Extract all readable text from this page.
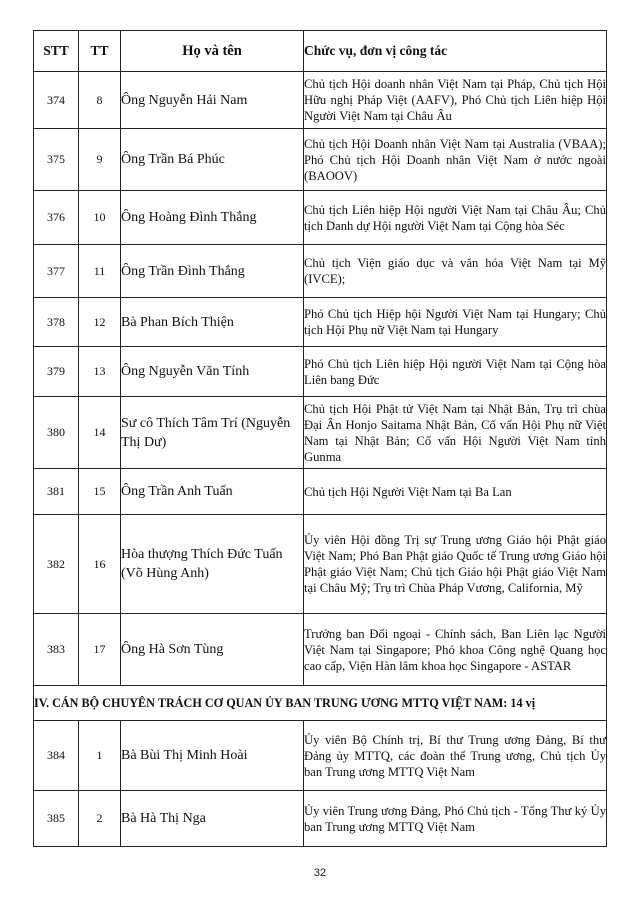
STT	TT	Họ và tên	Chức vụ, đơn vị công tác
374	8	Ông Nguyễn Hải Nam	Chủ tịch Hội doanh nhân Việt Nam tại Pháp, Chủ tịch Hội Hữu nghị Pháp Việt (AAFV), Phó Chủ tịch Liên hiệp Hội Người Việt Nam tại Châu Âu
375	9	Ông Trần Bá Phúc	Chủ tịch Hội Doanh nhân Việt Nam tại Australia (VBAA); Phó Chủ tịch Hội Doanh nhân Việt Nam ở nước ngoài (BAOOV)
376	10	Ông Hoàng Đình Thắng	Chủ tịch Liên hiệp Hội người Việt Nam tại Châu Âu; Chủ tịch Danh dự Hội người Việt Nam tại Cộng hòa Séc
377	11	Ông Trần Đình Thắng	Chủ tịch Viện giáo dục và văn hóa Việt Nam tại Mỹ (IVCE);
378	12	Bà Phan Bích Thiện	Phó Chủ tịch Hiệp hội Người Việt Nam tại Hungary; Chủ tịch Hội Phụ nữ Việt Nam tại Hungary
379	13	Ông Nguyễn Văn Tính	Phó Chủ tịch Liên hiệp Hội người Việt Nam tại Cộng hòa Liên bang Đức
380	14	Sư cô Thích Tâm Trí (Nguyễn Thị Dư)	Chủ tịch Hội Phật tử Việt Nam tại Nhật Bản, Trụ trì chùa Đại Ân Honjo Saitama Nhật Bản, Cố vấn Hội Phụ nữ Việt Nam tại Nhật Bản; Cố vấn Hội Người Việt Nam tỉnh Gunma
381	15	Ông Trần Anh Tuấn	Chủ tịch Hội Người Việt Nam tại Ba Lan
382	16	Hòa thượng Thích Đức Tuấn (Võ Hùng Anh)	Ủy viên Hội đồng Trị sự Trung ương Giáo hội Phật giáo Việt Nam; Phó Ban Phật giáo Quốc tế Trung ương Giáo hội Phật giáo Việt Nam; Chủ tịch Giáo hội Phật giáo Việt Nam tại Châu Mỹ; Trụ trì Chùa Pháp Vương, California, Mỹ
383	17	Ông Hà Sơn Tùng	Trưởng ban Đối ngoại - Chính sách, Ban Liên lạc Người Việt Nam tại Singapore; Phó khoa Công nghệ Quang học cao cấp, Viện Hàn lâm khoa học Singapore - ASTAR
IV. CÁN BỘ CHUYÊN TRÁCH CƠ QUAN ỦY BAN TRUNG ƯƠNG MTTQ VIỆT NAM: 14 vị			
384	1	Bà Bùi Thị Minh Hoài	Ủy viên Bộ Chính trị, Bí thư Trung ương Đảng, Bí thư Đảng ủy MTTQ, các đoàn thể Trung ương, Chủ tịch Ủy ban Trung ương MTTQ Việt Nam
385	2	Bà Hà Thị Nga	Ủy viên Trung ương Đảng, Phó Chủ tịch - Tổng Thư ký Ủy ban Trung ương MTTQ Việt Nam
32
